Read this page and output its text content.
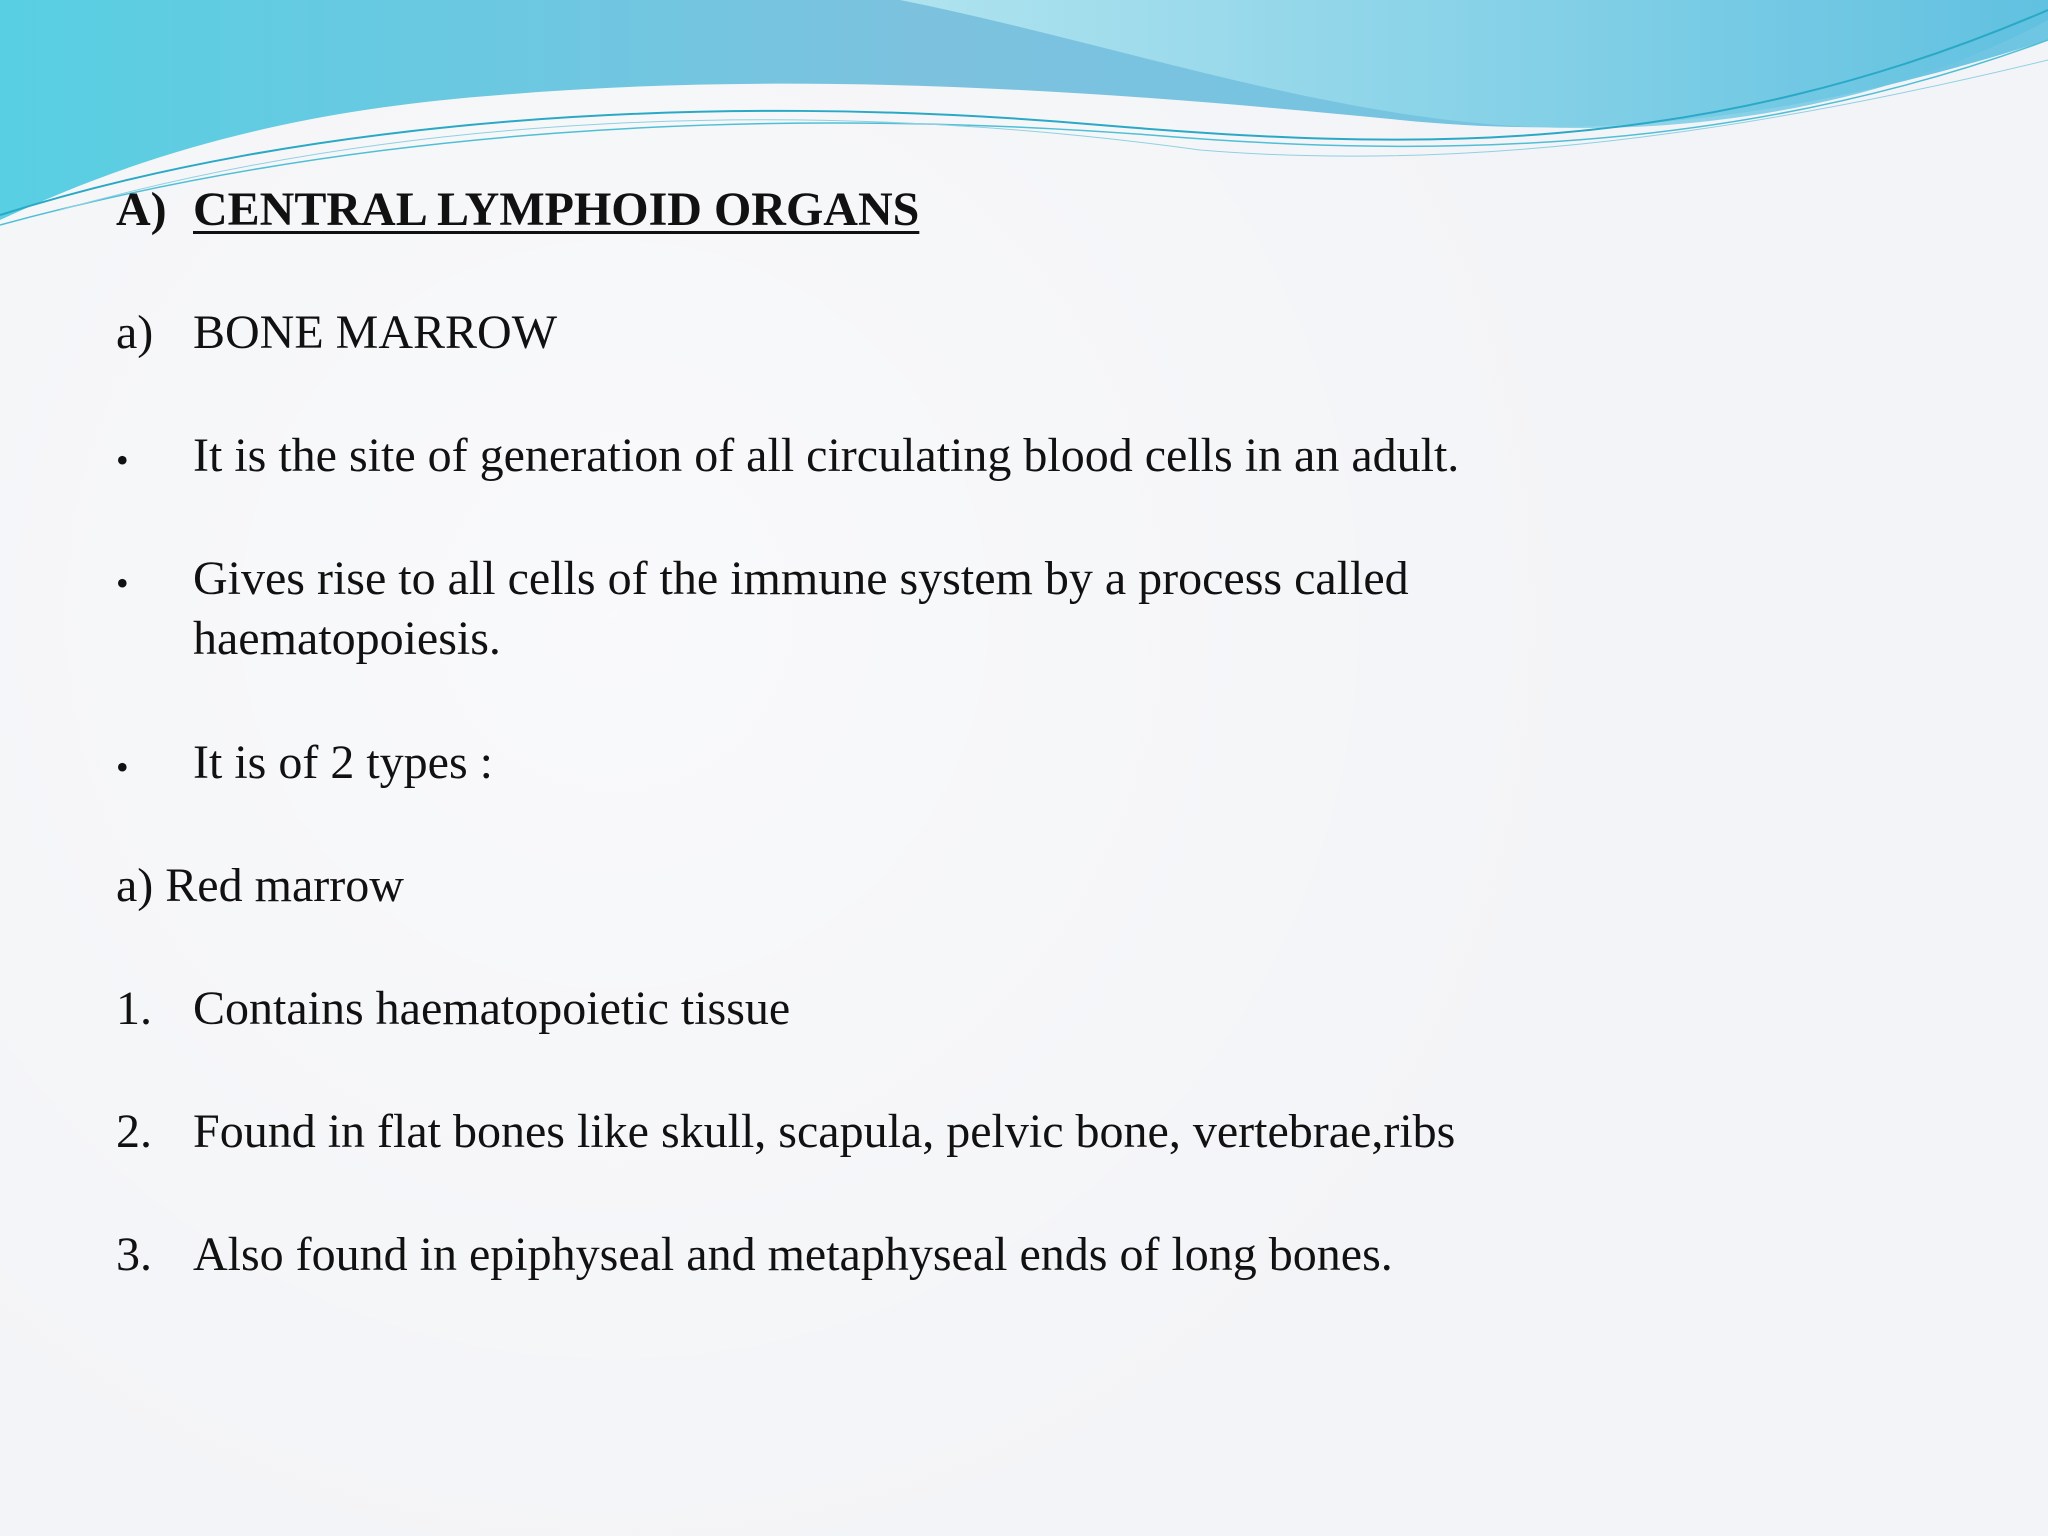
A) CENTRAL LYMPHOID ORGANS
a) BONE MARROW
• It is the site of generation of all circulating blood cells in an adult.
• Gives rise to all cells of the immune system by a process called haematopoiesis.
• It is of 2 types :
a) Red marrow
1. Contains haematopoietic tissue
2. Found in flat bones like skull, scapula, pelvic bone, vertebrae,ribs
3. Also found in epiphyseal and metaphyseal ends of long bones.
